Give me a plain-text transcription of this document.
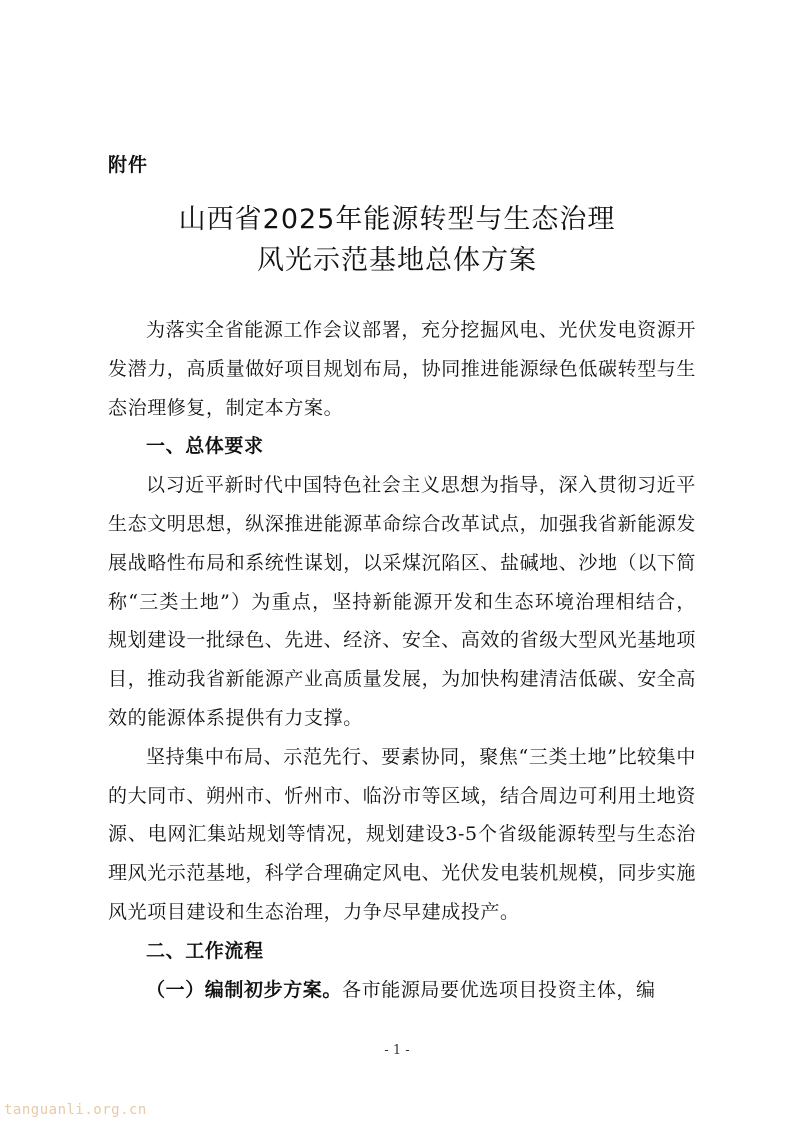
附件
山西省2025年能源转型与生态治理
风光示范基地总体方案

为落实全省能源工作会议部署，充分挖掘风电、光伏发电资源开发潜力，高质量做好项目规划布局，协同推进能源绿色低碳转型与生态治理修复，制定本方案。

一、总体要求

以习近平新时代中国特色社会主义思想为指导，深入贯彻习近平生态文明思想，纵深推进能源革命综合改革试点，加强我省新能源发展战略性布局和系统性谋划，以采煤沉陷区、盐碱地、沙地（以下简称“三类土地”）为重点，坚持新能源开发和生态环境治理相结合，规划建设一批绿色、先进、经济、安全、高效的省级大型风光基地项目，推动我省新能源产业高质量发展，为加快构建清洁低碳、安全高效的能源体系提供有力支撑。

坚持集中布局、示范先行、要素协同，聚焦“三类土地”比较集中的大同市、朔州市、忻州市、临汾市等区域，结合周边可利用土地资源、电网汇集站规划等情况，规划建设3-5个省级能源转型与生态治理风光示范基地，科学合理确定风电、光伏发电装机规模，同步实施风光项目建设和生态治理，力争尽早建成投产。

二、工作流程

（一）编制初步方案。各市能源局要优选项目投资主体，编

- 1 -
tanguanli.org.cn
